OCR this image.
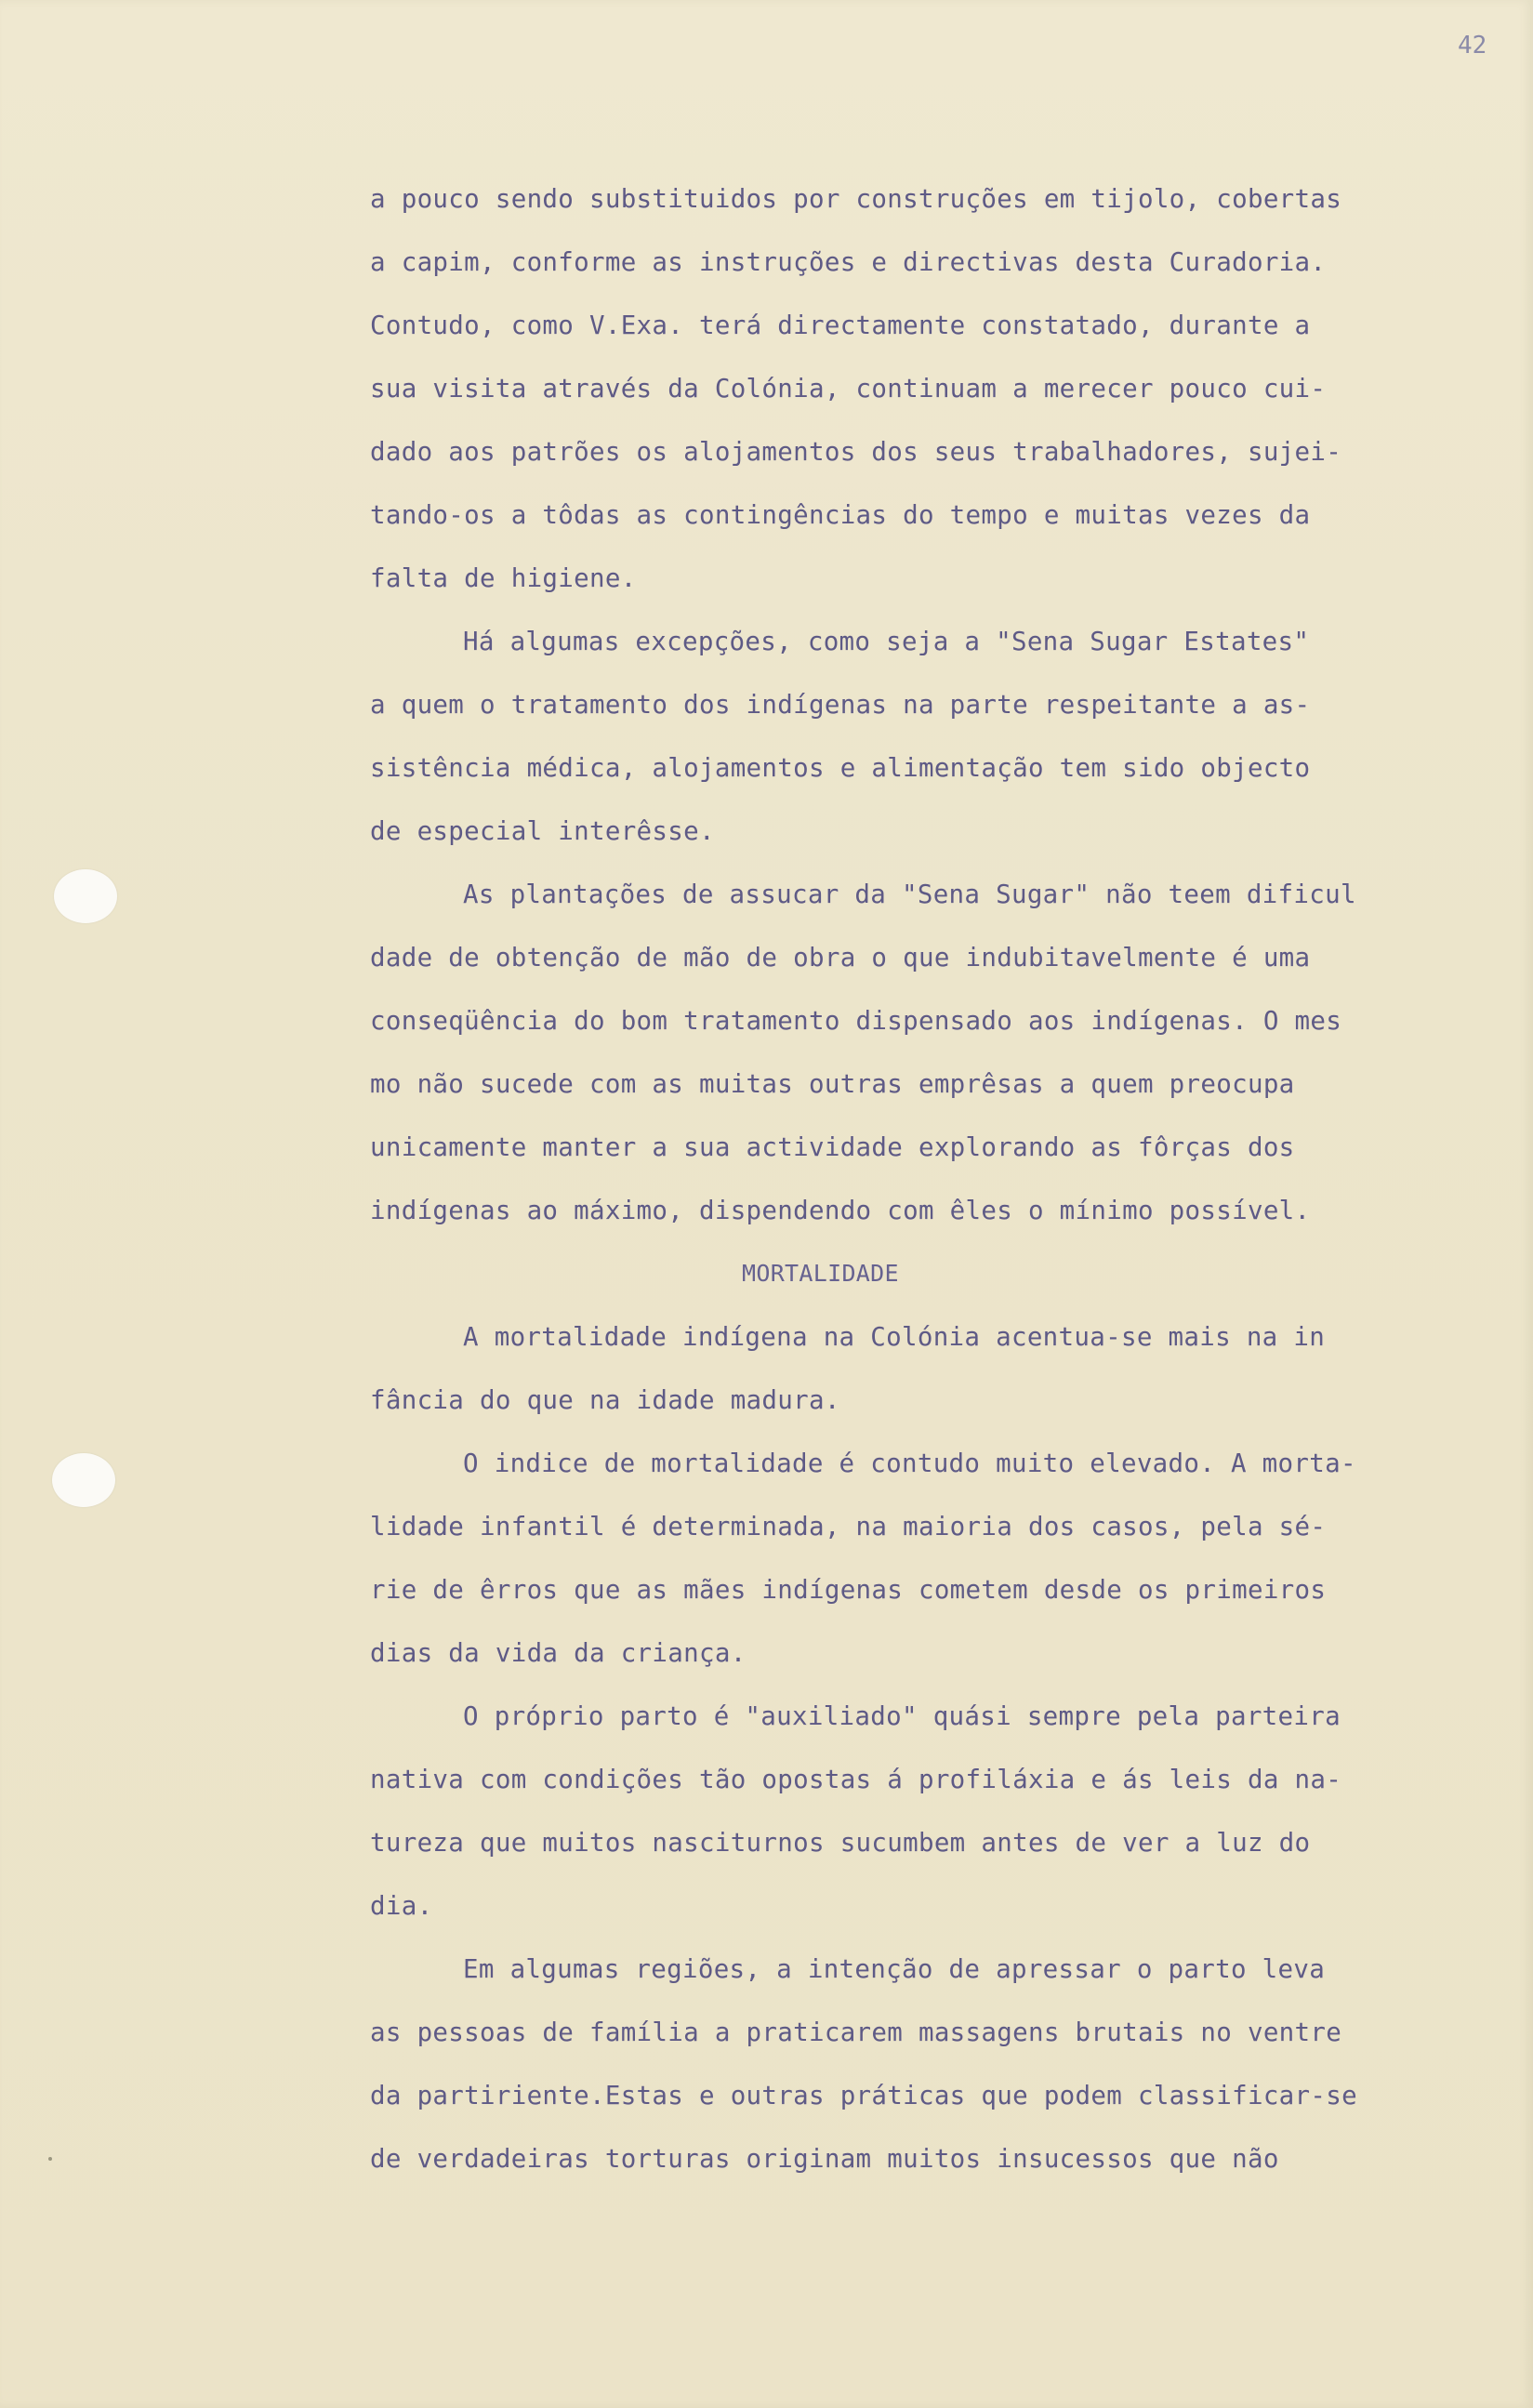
42
a pouco sendo substituidos por construções em tijolo, cobertas
a capim, conforme as instruções e directivas desta Curadoria.
Contudo, como V.Exa. terá directamente constatado, durante a
sua visita através da Colónia, continuam a merecer pouco cui-
dado aos patrões os alojamentos dos seus trabalhadores, sujei-
tando-os a tôdas as contingências do tempo e muitas vezes da
falta de higiene.
Há algumas excepções, como seja a "Sena Sugar Estates"
a quem o tratamento dos indígenas na parte respeitante a as-
sistência médica, alojamentos e alimentação tem sido objecto
de especial interêsse.
As plantações de assucar da "Sena Sugar" não teem dificul
dade de obtenção de mão de obra o que indubitavelmente é uma
conseqüência do bom tratamento dispensado aos indígenas. O mes
mo não sucede com as muitas outras emprêsas a quem preocupa
unicamente manter a sua actividade explorando as fôrças dos
indígenas ao máximo, dispendendo com êles o mínimo possível.
MORTALIDADE
A mortalidade indígena na Colónia acentua-se mais na in
fância do que na idade madura.
O indice de mortalidade é contudo muito elevado. A morta-
lidade infantil é determinada, na maioria dos casos, pela sé-
rie de êrros que as mães indígenas cometem desde os primeiros
dias da vida da criança.
O próprio parto é "auxiliado" quási sempre pela parteira
nativa com condições tão opostas á profiláxia e ás leis da na-
tureza que muitos nasciturnos sucumbem antes de ver a luz do
dia.
Em algumas regiões, a intenção de apressar o parto leva
as pessoas de família a praticarem massagens brutais no ventre
da partiriente.Estas e outras práticas que podem classificar-se
de verdadeiras torturas originam muitos insucessos que não
